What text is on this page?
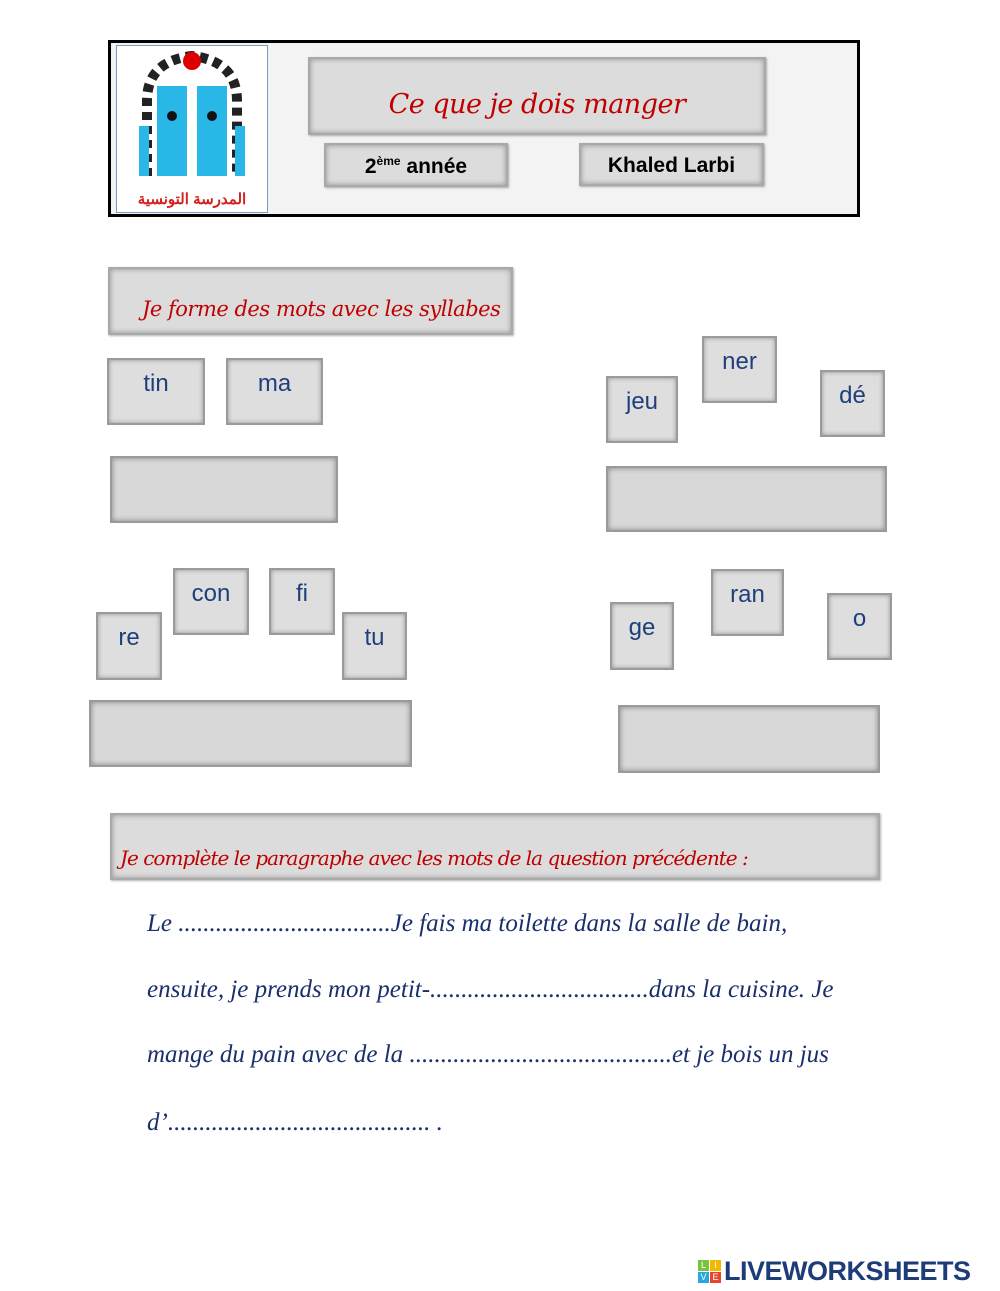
المدرسة التونسية
Ce que je dois manger
2ème année	Khaled Larbi
Je forme des mots avec les syllabes
tin	ma
jeu
ner
dé
con	fi
re	tu	ge
ran
o
Je complète le paragraphe avec les mots de la question précédente :
Le ..................................Je fais ma toilette dans la salle de bain,
ensuite, je prends mon petit-...................................dans la cuisine. Je
mange du pain avec de la ..........................................et je bois un jus
d’.......................................... .
L I
V E LIVEWORKSHEETS
